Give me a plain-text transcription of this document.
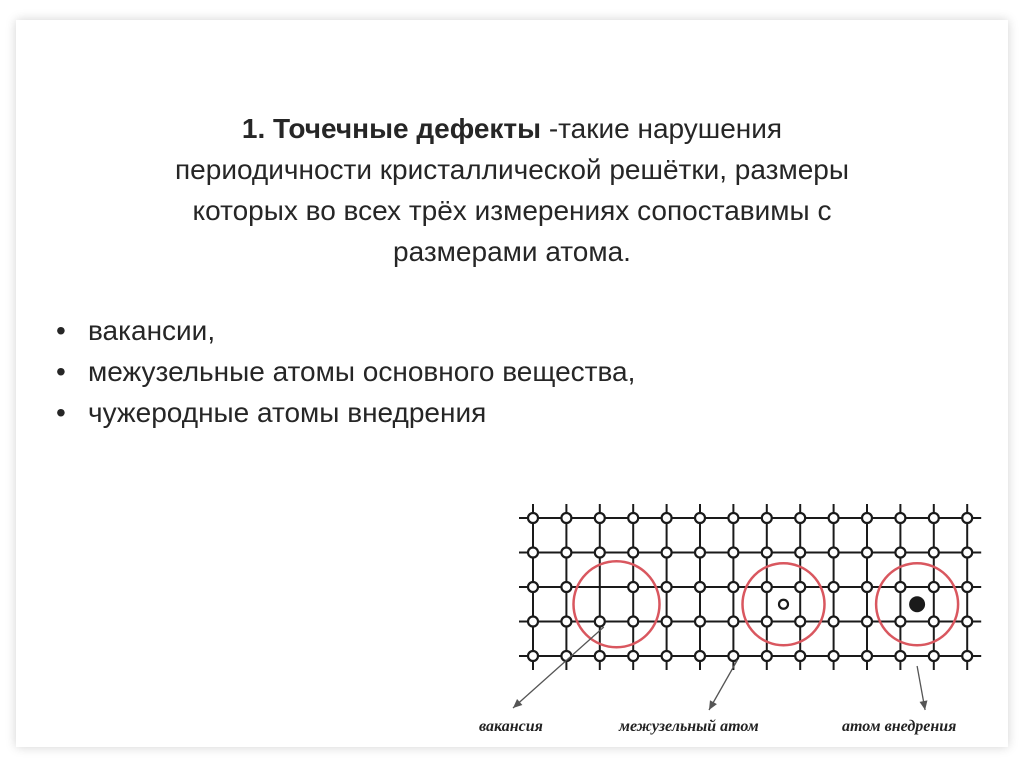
1. Точечные дефекты -такие нарушения
периодичности кристаллической решётки, размеры
которых во всех трёх измерениях сопоставимы с
размерами атома.
• вакансии,
• межузельные атомы основного вещества,
• чужеродные атомы внедрения
вакансия	межузельный атом	атом внедрения
